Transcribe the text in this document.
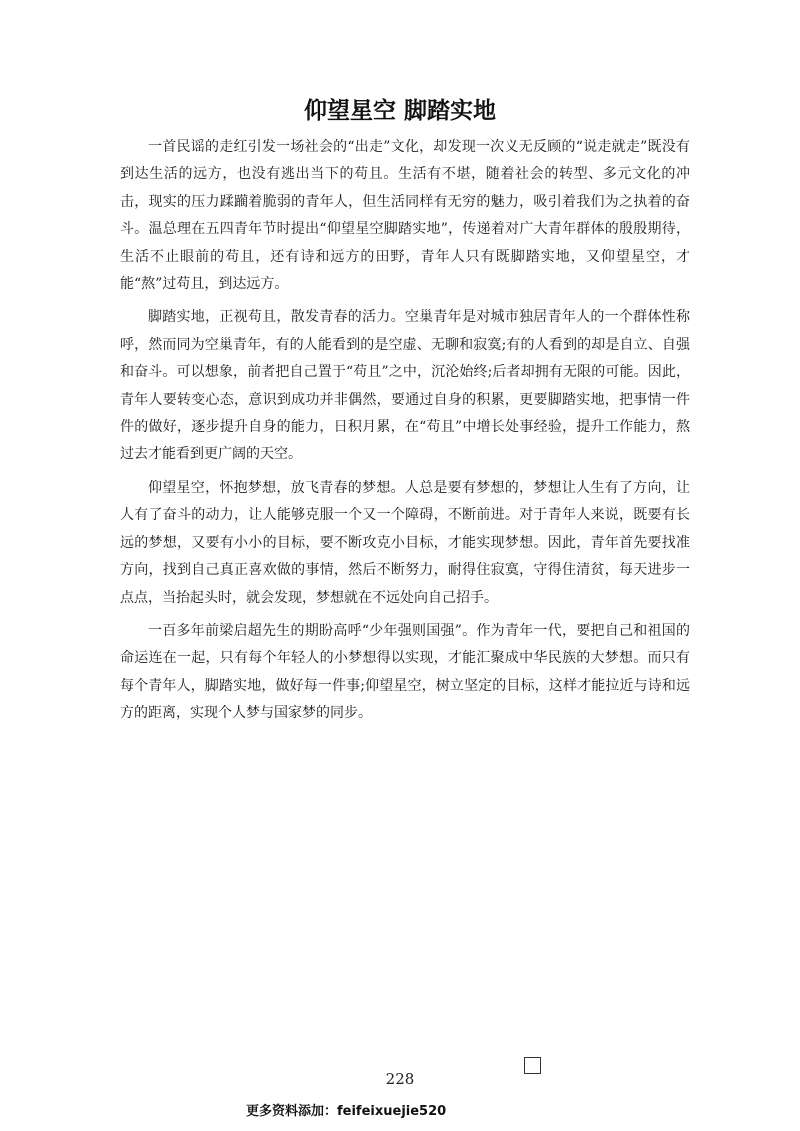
仰望星空 脚踏实地

一首民谣的走红引发一场社会的“出走”文化，却发现一次义无反顾的“说走就走”既没有到达生活的远方，也没有逃出当下的苟且。生活有不堪，随着社会的转型、多元文化的冲击，现实的压力蹂躏着脆弱的青年人，但生活同样有无穷的魅力，吸引着我们为之执着的奋斗。温总理在五四青年节时提出“仰望星空脚踏实地”，传递着对广大青年群体的殷殷期待，生活不止眼前的苟且，还有诗和远方的田野，青年人只有既脚踏实地，又仰望星空，才能“熬”过苟且，到达远方。

脚踏实地，正视苟且，散发青春的活力。空巢青年是对城市独居青年人的一个群体性称呼，然而同为空巢青年，有的人能看到的是空虚、无聊和寂寞;有的人看到的却是自立、自强和奋斗。可以想象，前者把自己置于“苟且”之中，沉沦始终;后者却拥有无限的可能。因此，青年人要转变心态，意识到成功并非偶然，要通过自身的积累，更要脚踏实地，把事情一件件的做好，逐步提升自身的能力，日积月累，在“苟且”中增长处事经验，提升工作能力，熬过去才能看到更广阔的天空。

仰望星空，怀抱梦想，放飞青春的梦想。人总是要有梦想的，梦想让人生有了方向，让人有了奋斗的动力，让人能够克服一个又一个障碍，不断前进。对于青年人来说，既要有长远的梦想，又要有小小的目标，要不断攻克小目标，才能实现梦想。因此，青年首先要找准方向，找到自己真正喜欢做的事情，然后不断努力，耐得住寂寞，守得住清贫，每天进步一点点，当抬起头时，就会发现，梦想就在不远处向自己招手。

一百多年前梁启超先生的期盼高呼“少年强则国强”。作为青年一代，要把自己和祖国的命运连在一起，只有每个年轻人的小梦想得以实现，才能汇聚成中华民族的大梦想。而只有每个青年人，脚踏实地，做好每一件事;仰望星空，树立坚定的目标，这样才能拉近与诗和远方的距离，实现个人梦与国家梦的同步。

228
更多资料添加：feifeixuejie520
